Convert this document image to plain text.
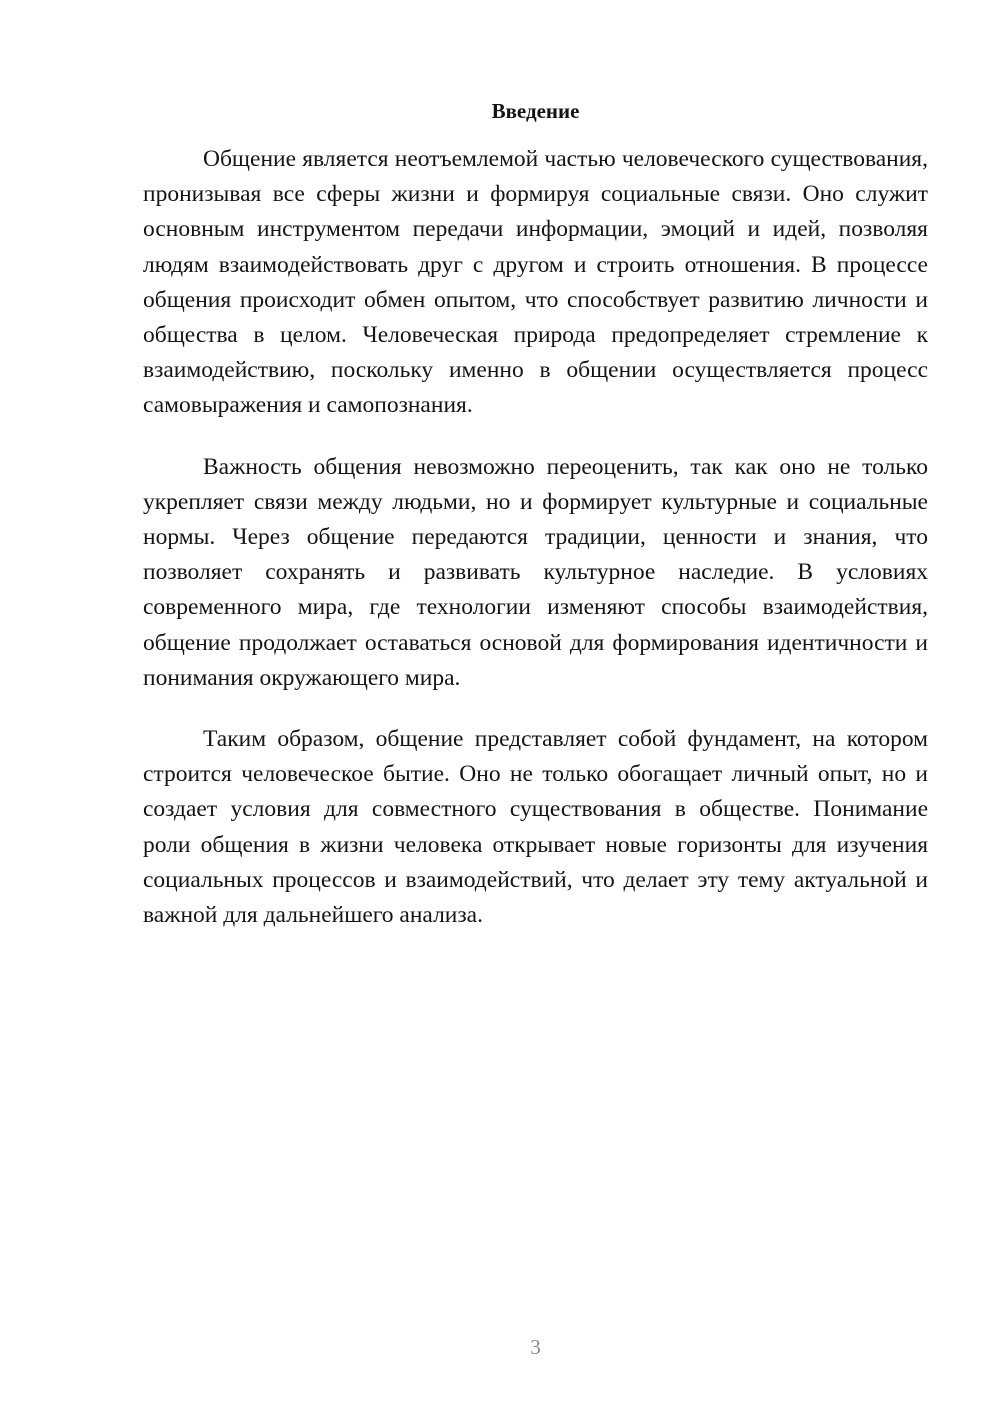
Введение

Общение является неотъемлемой частью человеческого существования, пронизывая все сферы жизни и формируя социальные связи. Оно служит основным инструментом передачи информации, эмоций и идей, позволяя людям взаимодействовать друг с другом и строить отношения. В процессе общения происходит обмен опытом, что способствует развитию личности и общества в целом. Человеческая природа предопределяет стремление к взаимодействию, поскольку именно в общении осуществляется процесс самовыражения и самопознания.

Важность общения невозможно переоценить, так как оно не только укрепляет связи между людьми, но и формирует культурные и социальные нормы. Через общение передаются традиции, ценности и знания, что позволяет сохранять и развивать культурное наследие. В условиях современного мира, где технологии изменяют способы взаимодействия, общение продолжает оставаться основой для формирования идентичности и понимания окружающего мира.

Таким образом, общение представляет собой фундамент, на котором строится человеческое бытие. Оно не только обогащает личный опыт, но и создает условия для совместного существования в обществе. Понимание роли общения в жизни человека открывает новые горизонты для изучения социальных процессов и взаимодействий, что делает эту тему актуальной и важной для дальнейшего анализа.

3
